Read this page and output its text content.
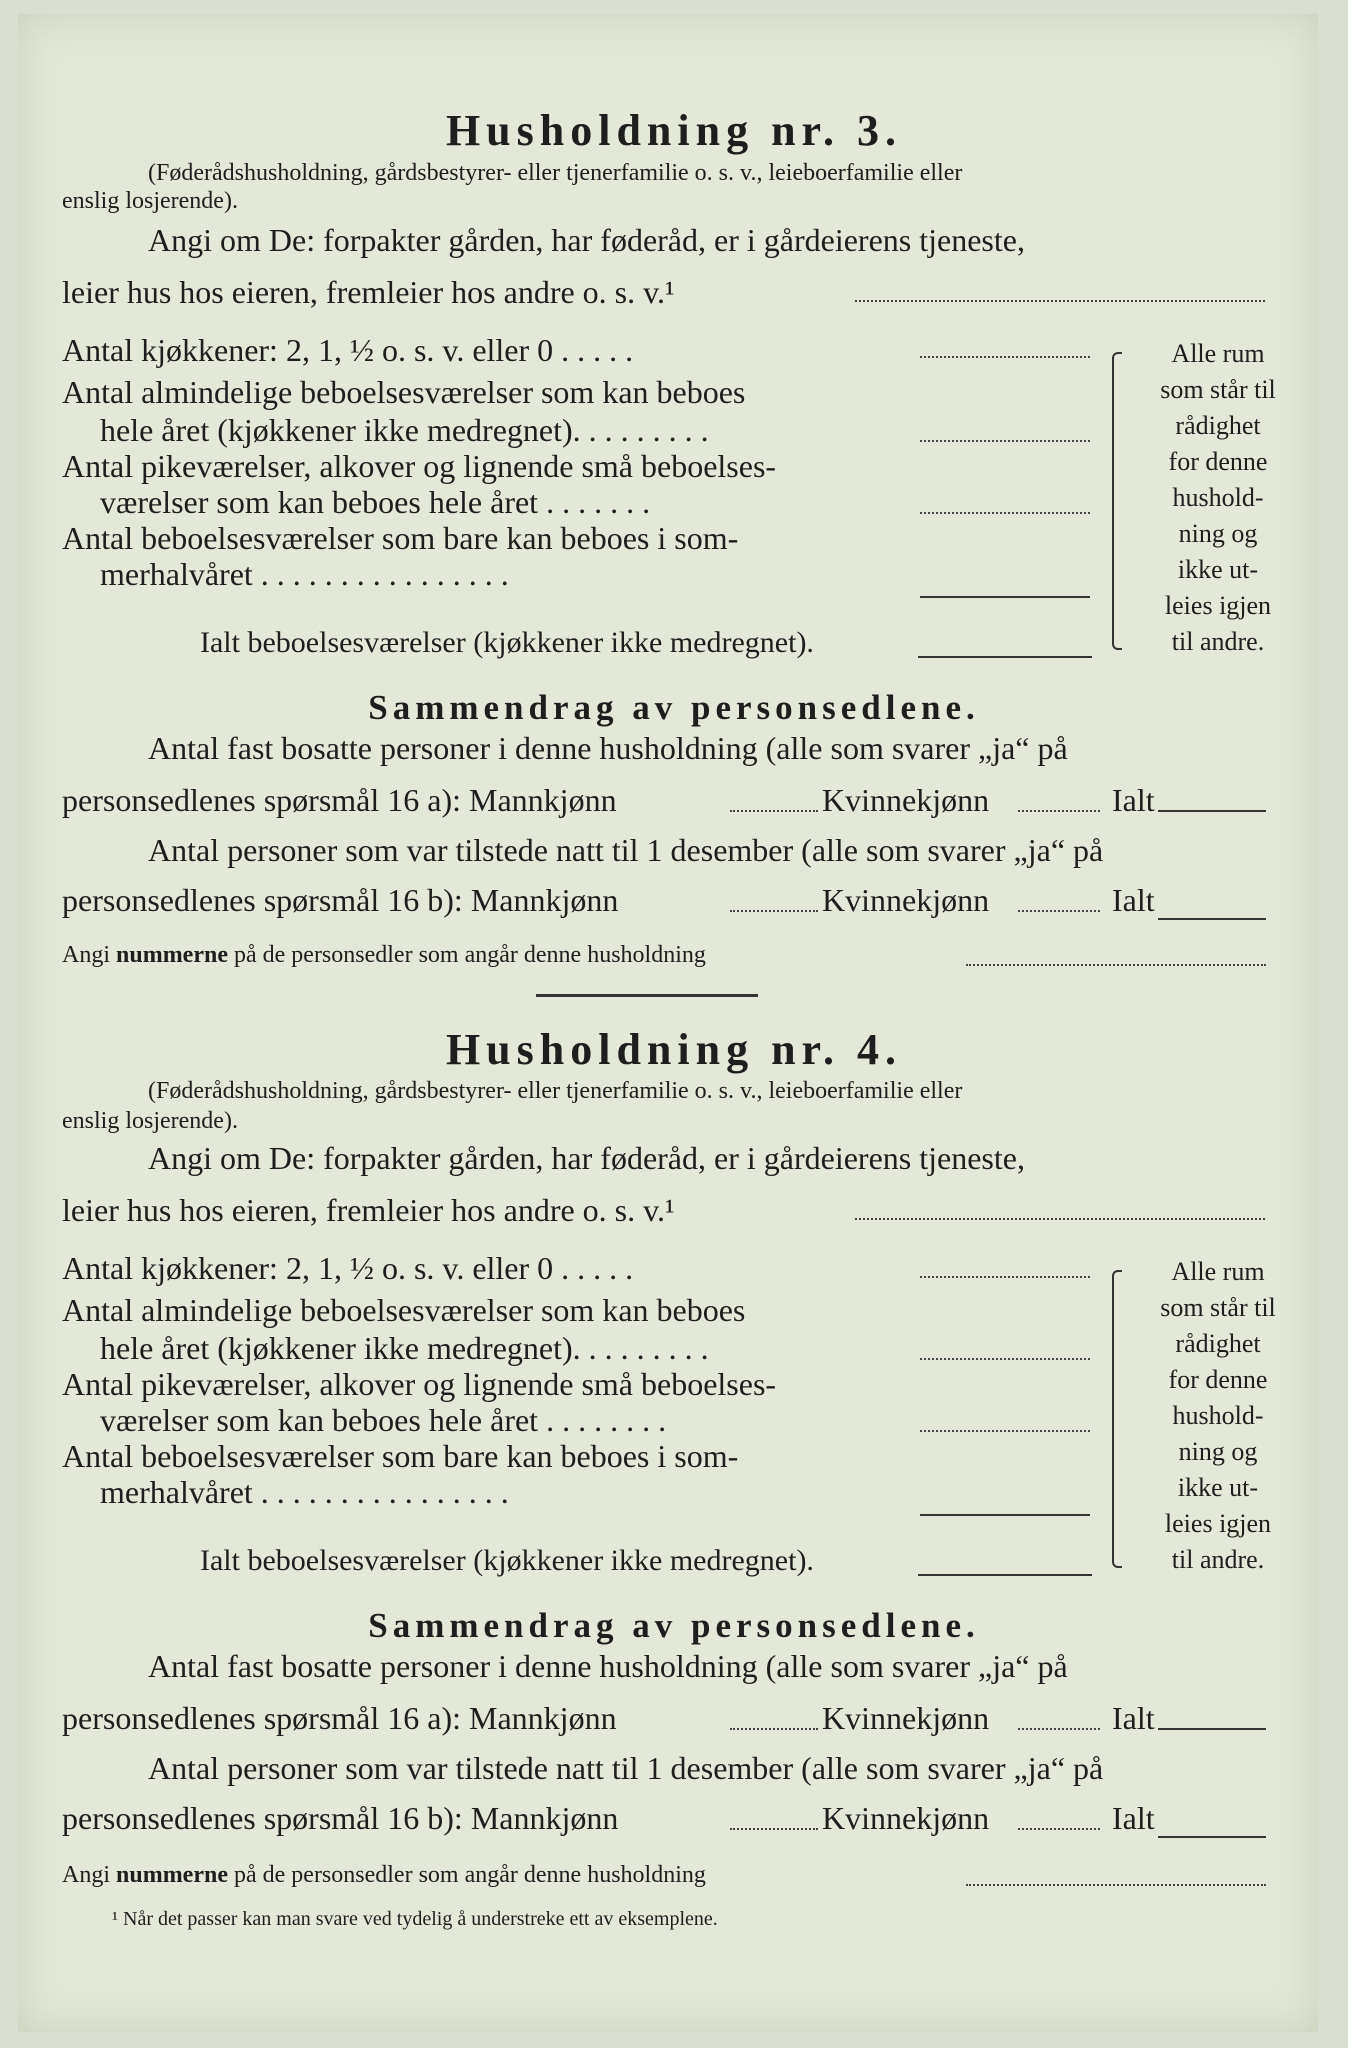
Husholdning nr. 3.
(Føderådshusholdning, gårdsbestyrer- eller tjenerfamilie o. s. v., leieboerfamilie eller
enslig losjerende).
Angi om De: forpakter gården, har føderåd, er i gårdeierens tjeneste,
leier hus hos eieren, fremleier hos andre o. s. v.¹
Antal kjøkkener: 2, 1, ½ o. s. v. eller 0 . . . . .
Antal almindelige beboelsesværelser som kan beboes
hele året (kjøkkener ikke medregnet). . . . . . . . .
Antal pikeværelser, alkover og lignende små beboelses-
værelser som kan beboes hele året . . . . . . .
Antal beboelsesværelser som bare kan beboes i som-
merhalvåret . . . . . . . . . . . . . . . .
Ialt beboelsesværelser (kjøkkener ikke medregnet).
Alle rum
som står til
rådighet
for denne
hushold-
ning og
ikke ut-
leies igjen
til andre.
Sammendrag av personsedlene.
Antal fast bosatte personer i denne husholdning (alle som svarer „ja“ på
personsedlenes spørsmål 16 a): Mannkjønn	Kvinnekjønn	Ialt
Antal personer som var tilstede natt til 1 desember (alle som svarer „ja“ på
personsedlenes spørsmål 16 b): Mannkjønn	Kvinnekjønn	Ialt
Angi nummerne på de personsedler som angår denne husholdning
Husholdning nr. 4.
(Føderådshusholdning, gårdsbestyrer- eller tjenerfamilie o. s. v., leieboerfamilie eller
enslig losjerende).
Angi om De: forpakter gården, har føderåd, er i gårdeierens tjeneste,
leier hus hos eieren, fremleier hos andre o. s. v.¹
Antal kjøkkener: 2, 1, ½ o. s. v. eller 0 . . . . .
Antal almindelige beboelsesværelser som kan beboes
hele året (kjøkkener ikke medregnet). . . . . . . . .
Antal pikeværelser, alkover og lignende små beboelses-
værelser som kan beboes hele året . . . . . . . .
Antal beboelsesværelser som bare kan beboes i som-
merhalvåret . . . . . . . . . . . . . . . .
Ialt beboelsesværelser (kjøkkener ikke medregnet).
Alle rum
som står til
rådighet
for denne
hushold-
ning og
ikke ut-
leies igjen
til andre.
Sammendrag av personsedlene.
Antal fast bosatte personer i denne husholdning (alle som svarer „ja“ på
personsedlenes spørsmål 16 a): Mannkjønn	Kvinnekjønn	Ialt
Antal personer som var tilstede natt til 1 desember (alle som svarer „ja“ på
personsedlenes spørsmål 16 b): Mannkjønn	Kvinnekjønn	Ialt
Angi nummerne på de personsedler som angår denne husholdning
¹ Når det passer kan man svare ved tydelig å understreke ett av eksemplene.
